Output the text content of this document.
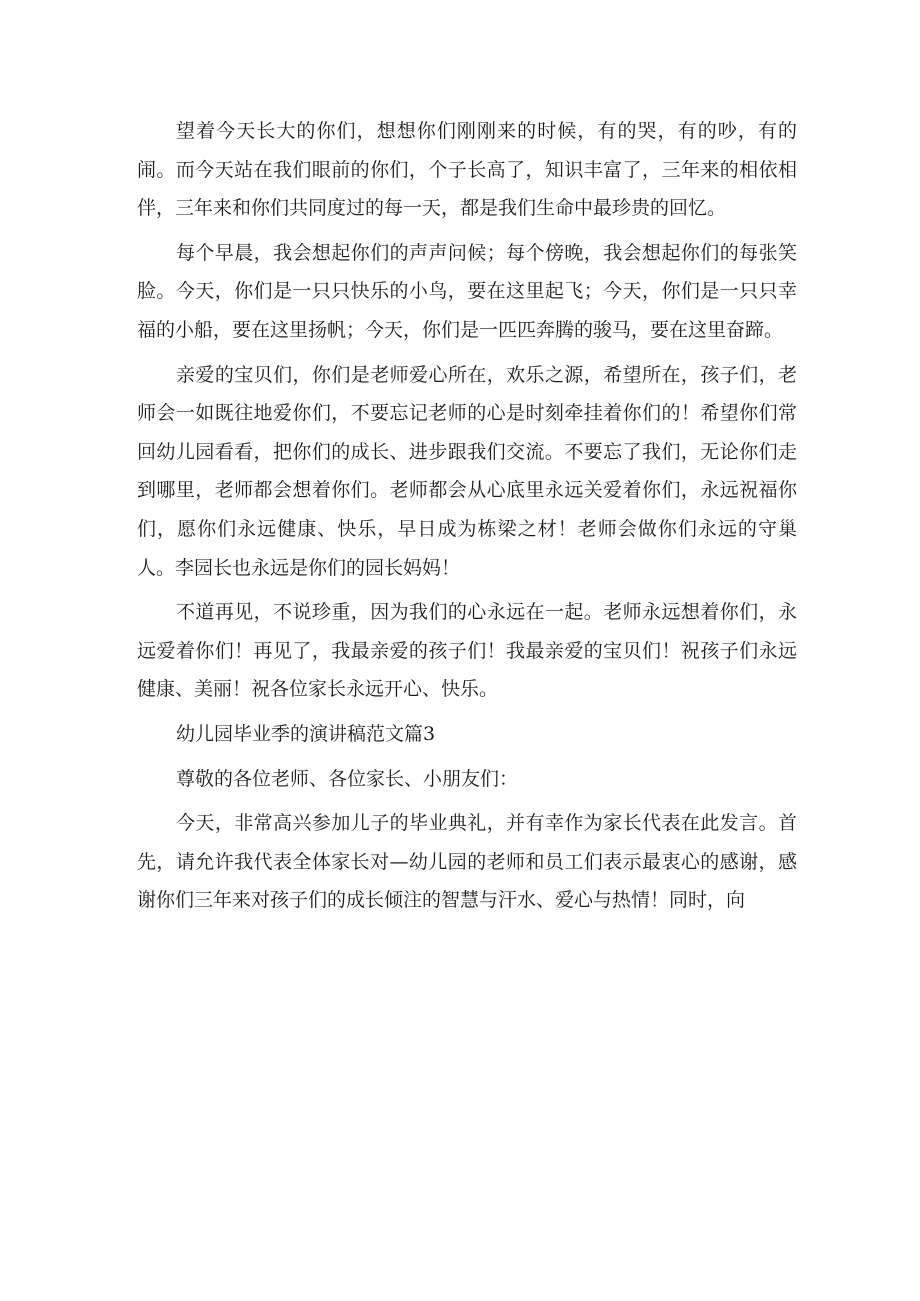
望着今天长大的你们，想想你们刚刚来的时候，有的哭，有的吵，有的闹。而今天站在我们眼前的你们，个子长高了，知识丰富了，三年来的相依相伴，三年来和你们共同度过的每一天，都是我们生命中最珍贵的回忆。

每个早晨，我会想起你们的声声问候；每个傍晚，我会想起你们的每张笑脸。今天，你们是一只只快乐的小鸟，要在这里起飞；今天，你们是一只只幸福的小船，要在这里扬帆；今天，你们是一匹匹奔腾的骏马，要在这里奋蹄。

亲爱的宝贝们，你们是老师爱心所在，欢乐之源，希望所在，孩子们，老师会一如既往地爱你们，不要忘记老师的心是时刻牵挂着你们的！希望你们常回幼儿园看看，把你们的成长、进步跟我们交流。不要忘了我们，无论你们走到哪里，老师都会想着你们。老师都会从心底里永远关爱着你们，永远祝福你们，愿你们永远健康、快乐，早日成为栋梁之材！老师会做你们永远的守巢人。李园长也永远是你们的园长妈妈！

不道再见，不说珍重，因为我们的心永远在一起。老师永远想着你们，永远爱着你们！再见了，我最亲爱的孩子们！我最亲爱的宝贝们！祝孩子们永远健康、美丽！祝各位家长永远开心、快乐。

幼儿园毕业季的演讲稿范文篇3

尊敬的各位老师、各位家长、小朋友们：

今天，非常高兴参加儿子的毕业典礼，并有幸作为家长代表在此发言。首先，请允许我代表全体家长对—幼儿园的老师和员工们表示最衷心的感谢，感谢你们三年来对孩子们的成长倾注的智慧与汗水、爱心与热情！同时，向
